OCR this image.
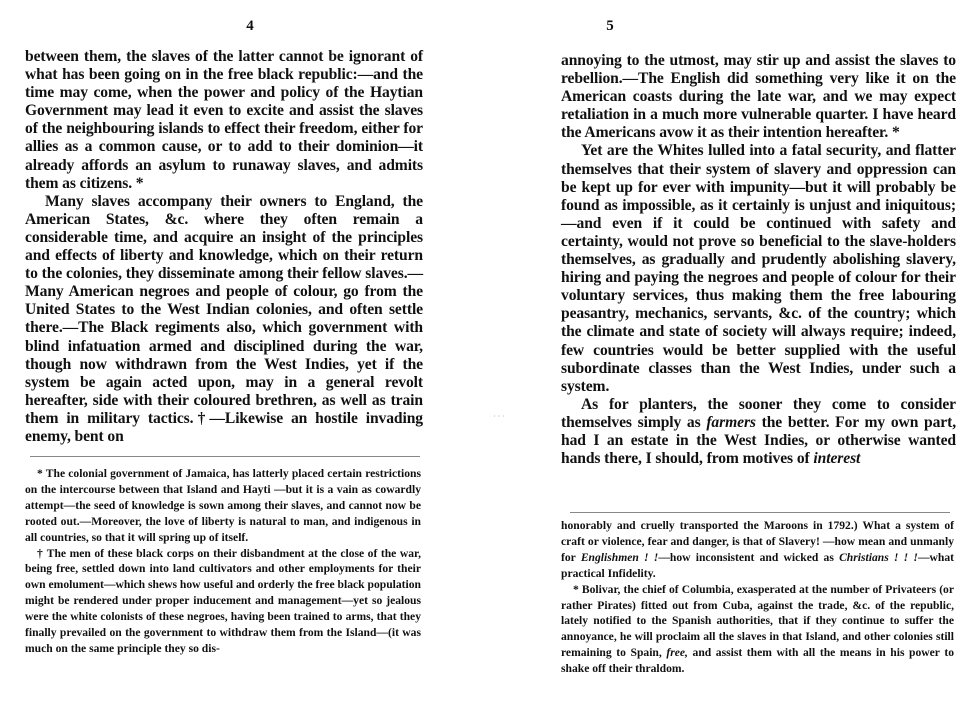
4

between them, the slaves of the latter cannot be ignorant of what has been going on in the free black republic:—and the time may come, when the power and policy of the Haytian Government may lead it even to excite and assist the slaves of the neighbouring islands to effect their freedom, either for allies as a common cause, or to add to their dominion—it already affords an asylum to runaway slaves, and admits them as citizens. *

Many slaves accompany their owners to England, the American States, &c. where they often remain a considerable time, and acquire an insight of the principles and effects of liberty and knowledge, which on their return to the colonies, they disseminate among their fellow slaves.—Many American negroes and people of colour, go from the United States to the West Indian colonies, and often settle there.—The Black regiments also, which government with blind infatuation armed and disciplined during the war, though now withdrawn from the West Indies, yet if the system be again acted upon, may in a general revolt hereafter, side with their coloured brethren, as well as train them in military tactics.†—Likewise an hostile invading enemy, bent on

* The colonial government of Jamaica, has latterly placed certain restrictions on the intercourse between that Island and Hayti —but it is a vain as cowardly attempt—the seed of knowledge is sown among their slaves, and cannot now be rooted out.—Moreover, the love of liberty is natural to man, and indigenous in all countries, so that it will spring up of itself.

† The men of these black corps on their disbandment at the close of the war, being free, settled down into land cultivators and other employments for their own emolument—which shews how useful and orderly the free black population might be rendered under proper inducement and management—yet so jealous were the white colonists of these negroes, having been trained to arms, that they finally prevailed on the government to withdraw them from the Island—(it was much on the same principle they so dis-

5

annoying to the utmost, may stir up and assist the slaves to rebellion.—The English did something very like it on the American coasts during the late war, and we may expect retaliation in a much more vulnerable quarter. I have heard the Americans avow it as their intention hereafter. *

Yet are the Whites lulled into a fatal security, and flatter themselves that their system of slavery and oppression can be kept up for ever with impunity—but it will probably be found as impossible, as it certainly is unjust and iniquitous;—and even if it could be continued with safety and certainty, would not prove so beneficial to the slave-holders themselves, as gradually and prudently abolishing slavery, hiring and paying the negroes and people of colour for their voluntary services, thus making them the free labouring peasantry, mechanics, servants, &c. of the country; which the climate and state of society will always require; indeed, few countries would be better supplied with the useful subordinate classes than the West Indies, under such a system.

As for planters, the sooner they come to consider themselves simply as farmers the better. For my own part, had I an estate in the West Indies, or otherwise wanted hands there, I should, from motives of interest

honorably and cruelly transported the Maroons in 1792.) What a system of craft or violence, fear and danger, is that of Slavery! —how mean and unmanly for Englishmen ! !—how inconsistent and wicked as Christians ! ! !—what practical Infidelity.

* Bolivar, the chief of Columbia, exasperated at the number of Privateers (or rather Pirates) fitted out from Cuba, against the trade, &c. of the republic, lately notified to the Spanish authorities, that if they continue to suffer the annoyance, he will proclaim all the slaves in that Island, and other colonies still remaining to Spain, free, and assist them with all the means in his power to shake off their thraldom.

· · ·
